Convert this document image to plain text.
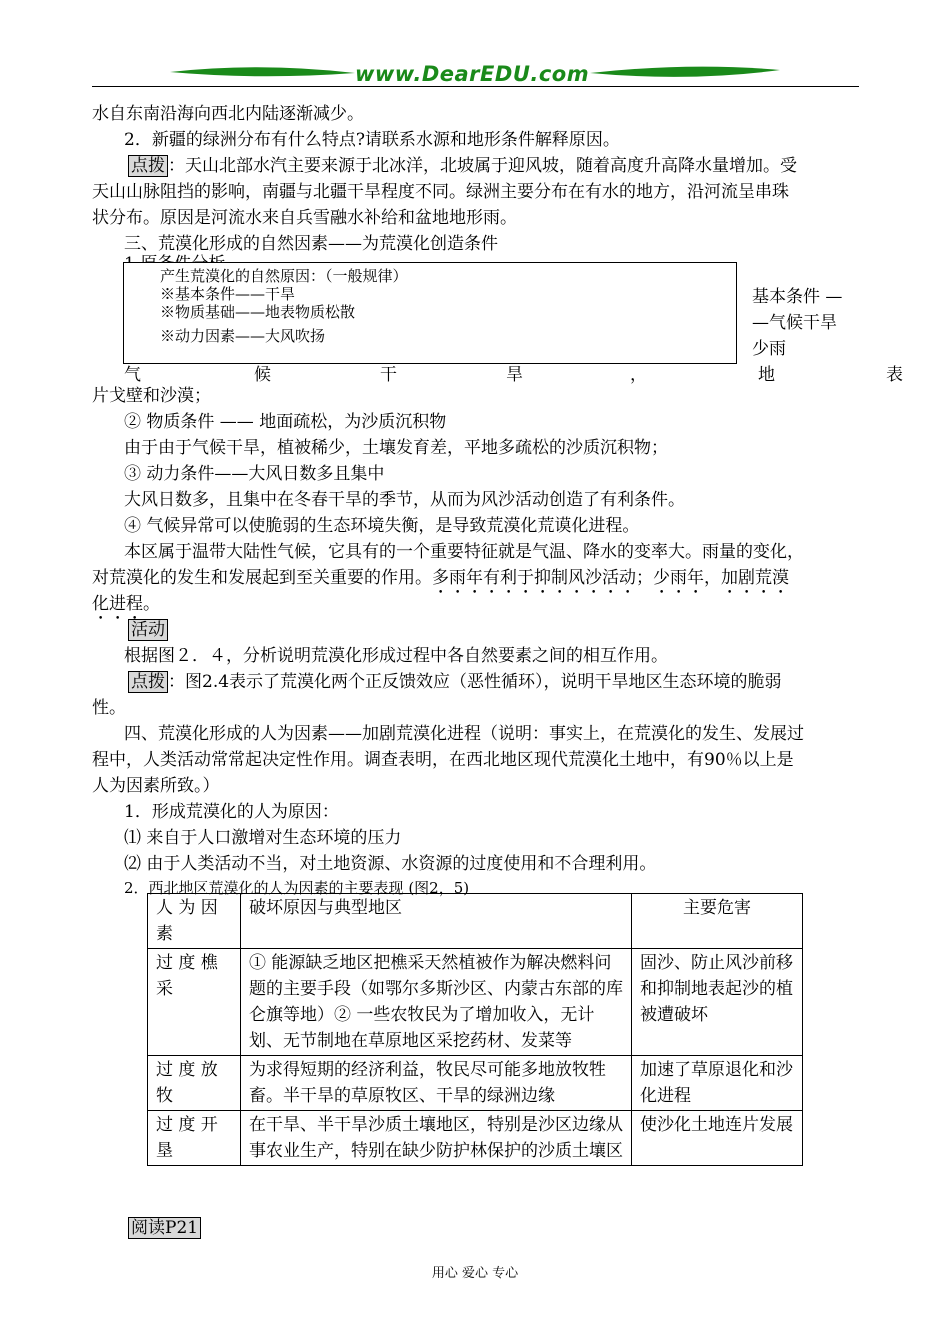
www.DearEDU.com
水自东南沿海向西北内陆逐渐减少。
2．新疆的绿洲分布有什么特点?请联系水源和地形条件解释原因。
点拨 ：天山北部水汽主要来源于北冰洋，北坡属于迎风坡，随着高度升高降水量增加。受
天山山脉阻挡的影响，南疆与北疆干旱程度不同。绿洲主要分布在有水的地方，沿河流呈串珠
状分布。原因是河流水来自兵雪融水补给和盆地地形雨。
三、荒漠化形成的自然因素——为荒漠化创造条件
产生荒漠化的自然原因：（一般规律）
※基本条件——干旱
※物质基础——地表物质松散
※动力因素——大风吹扬
基本条件 —
—气候干旱
少雨
气	候	干	旱	，	地	表
片戈壁和沙漠；
② 物质条件 —— 地面疏松，为沙质沉积物
由于由于气候干旱，植被稀少，土壤发育差，平地多疏松的沙质沉积物；
③ 动力条件——大风日数多且集中
大风日数多，且集中在冬春干旱的季节，从而为风沙活动创造了有利条件。
④ 气候异常可以使脆弱的生态环境失衡，是导致荒漠化荒谟化进程。
本区属于温带大陆性气候，它具有的一个重要特征就是气温、降水的变率大。雨量的变化，
对荒漠化的发生和发展起到至关重要的作用。多雨年有利于抑制风沙活动；少雨年，加剧荒漠
化进程。
活动
根据图２．４，分析说明荒漠化形成过程中各自然要素之间的相互作用。
点拨 ：图2.4表示了荒漠化两个正反馈效应（恶性循环），说明干旱地区生态环境的脆弱
性。
四、荒漠化形成的人为因素——加剧荒漠化进程（说明：事实上，在荒漠化的发生、发展过
程中，人类活动常常起决定性作用。调查表明，在西北地区现代荒漠化土地中，有90％以上是
人为因素所致。）
1．形成荒漠化的人为原因：
⑴ 来自于人口激增对生态环境的压力
⑵ 由于人类活动不当，对土地资源、水资源的过度使用和不合理利用。
2．西北地区荒漠化的人为因素的主要表现 (图2，5)
人 为 因素	破坏原因与典型地区	主要危害
过 度 樵采	① 能源缺乏地区把樵采天然植被作为解决燃料问题的主要手段（如鄂尔多斯沙区、内蒙古东部的库仑旗等地）② 一些农牧民为了增加收入，无计划、无节制地在草原地区采挖药材、发菜等	固沙、防止风沙前移和抑制地表起沙的植被遭破坏
过 度 放牧	为求得短期的经济利益，牧民尽可能多地放牧牲畜。半干旱的草原牧区、干旱的绿洲边缘	加速了草原退化和沙化进程
过 度 开垦	在干旱、半干旱沙质土壤地区，特别是沙区边缘从事农业生产，特别在缺少防护林保护的沙质土壤区	使沙化土地连片发展
阅读P21
用心 爱心 专心
